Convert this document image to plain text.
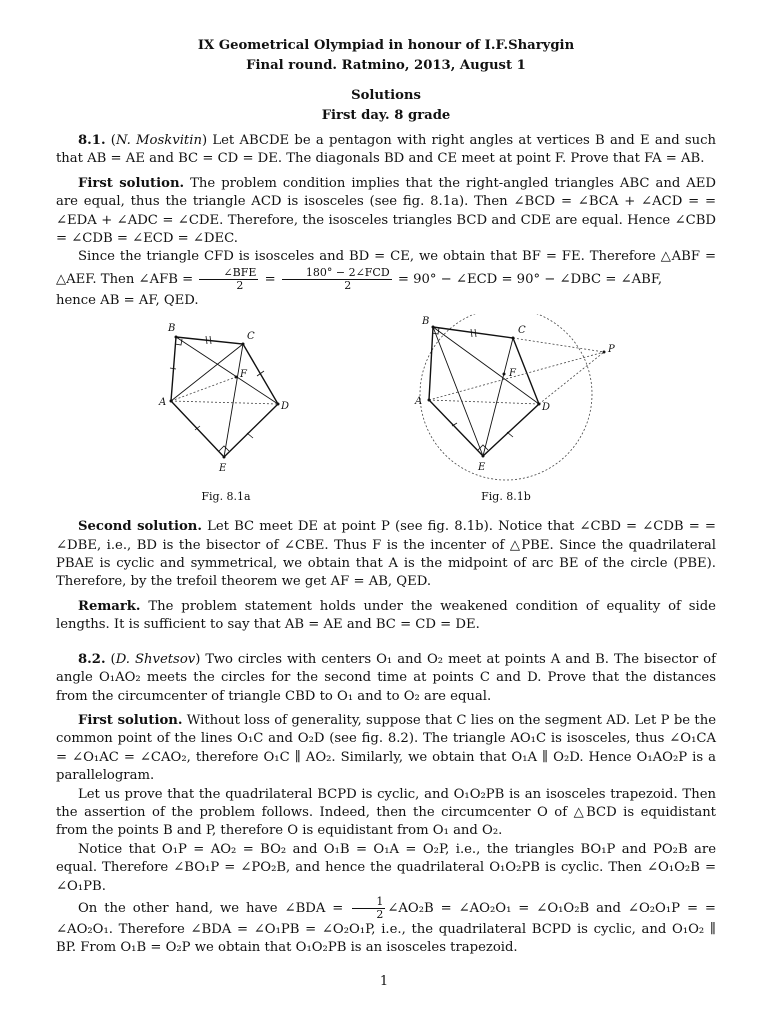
IX Geometrical Olympiad in honour of I.F.Sharygin
Final round. Ratmino, 2013, August 1
Solutions
First day. 8 grade

8.1. (N. Moskvitin) Let ABCDE be a pentagon with right angles at vertices B and E and such that AB = AE and BC = CD = DE. The diagonals BD and CE meet at point F. Prove that FA = AB.

First solution. The problem condition implies that the right-angled triangles ABC and AED are equal, thus the triangle ACD is isosceles (see fig. 8.1a). Then ∠BCD = ∠BCA + ∠ACD = = ∠EDA + ∠ADC = ∠CDE. Therefore, the isosceles triangles BCD and CDE are equal. Hence ∠CBD = ∠CDB = ∠ECD = ∠DEC.

Since the triangle CFD is isosceles and BD = CE, we obtain that BF = FE. Therefore △ABF = △AEF. Then ∠AFB = $\frac{\text{∠BFE}}{2} = \frac{\text{180° − 2∠FCD}}{2} = 90^\circ$ − ∠ECD = 90° − ∠DBC = ∠ABF,
hence AB = AF, QED.

B
C
D
E
A
F
Fig. 8.1a
B
C
D
E
A
F
P
Fig. 8.1b

Second solution. Let BC meet DE at point P (see fig. 8.1b). Notice that ∠CBD = ∠CDB = = ∠DBE, i.e., BD is the bisector of ∠CBE. Thus F is the incenter of △PBE. Since the quadrilateral PBAE is cyclic and symmetrical, we obtain that A is the midpoint of arc BE of the circle (PBE). Therefore, by the trefoil theorem we get AF = AB, QED.

Remark. The problem statement holds under the weakened condition of equality of side lengths. It is sufficient to say that AB = AE and BC = CD = DE.

8.2. (D. Shvetsov) Two circles with centers O₁ and O₂ meet at points A and B. The bisector of angle O₁AO₂ meets the circles for the second time at points C and D. Prove that the distances from the circumcenter of triangle CBD to O₁ and to O₂ are equal.

First solution. Without loss of generality, suppose that C lies on the segment AD. Let P be the common point of the lines O₁C and O₂D (see fig. 8.2). The triangle AO₁C is isosceles, thus ∠O₁CA = ∠O₁AC = ∠CAO₂, therefore O₁C ∥ AO₂. Similarly, we obtain that O₁A ∥ O₂D. Hence O₁AO₂P is a parallelogram.

Let us prove that the quadrilateral BCPD is cyclic, and O₁O₂PB is an isosceles trapezoid. Then the assertion of the problem follows. Indeed, then the circumcenter O of △BCD is equidistant from the points B and P, therefore O is equidistant from O₁ and O₂.

Notice that O₁P = AO₂ = BO₂ and O₁B = O₁A = O₂P, i.e., the triangles BO₁P and PO₂B are equal. Therefore ∠BO₁P = ∠PO₂B, and hence the quadrilateral O₁O₂PB is cyclic. Then ∠O₁O₂B = ∠O₁PB.

On the other hand, we have ∠BDA = $\frac{1}{2}$ ∠AO₂B = ∠AO₂O₁ = ∠O₁O₂B and ∠O₂O₁P = = ∠AO₂O₁. Therefore ∠BDA = ∠O₁PB = ∠O₂O₁P, i.e., the quadrilateral BCPD is cyclic, and O₁O₂ ∥ BP. From O₁B = O₂P we obtain that O₁O₂PB is an isosceles trapezoid.

1
